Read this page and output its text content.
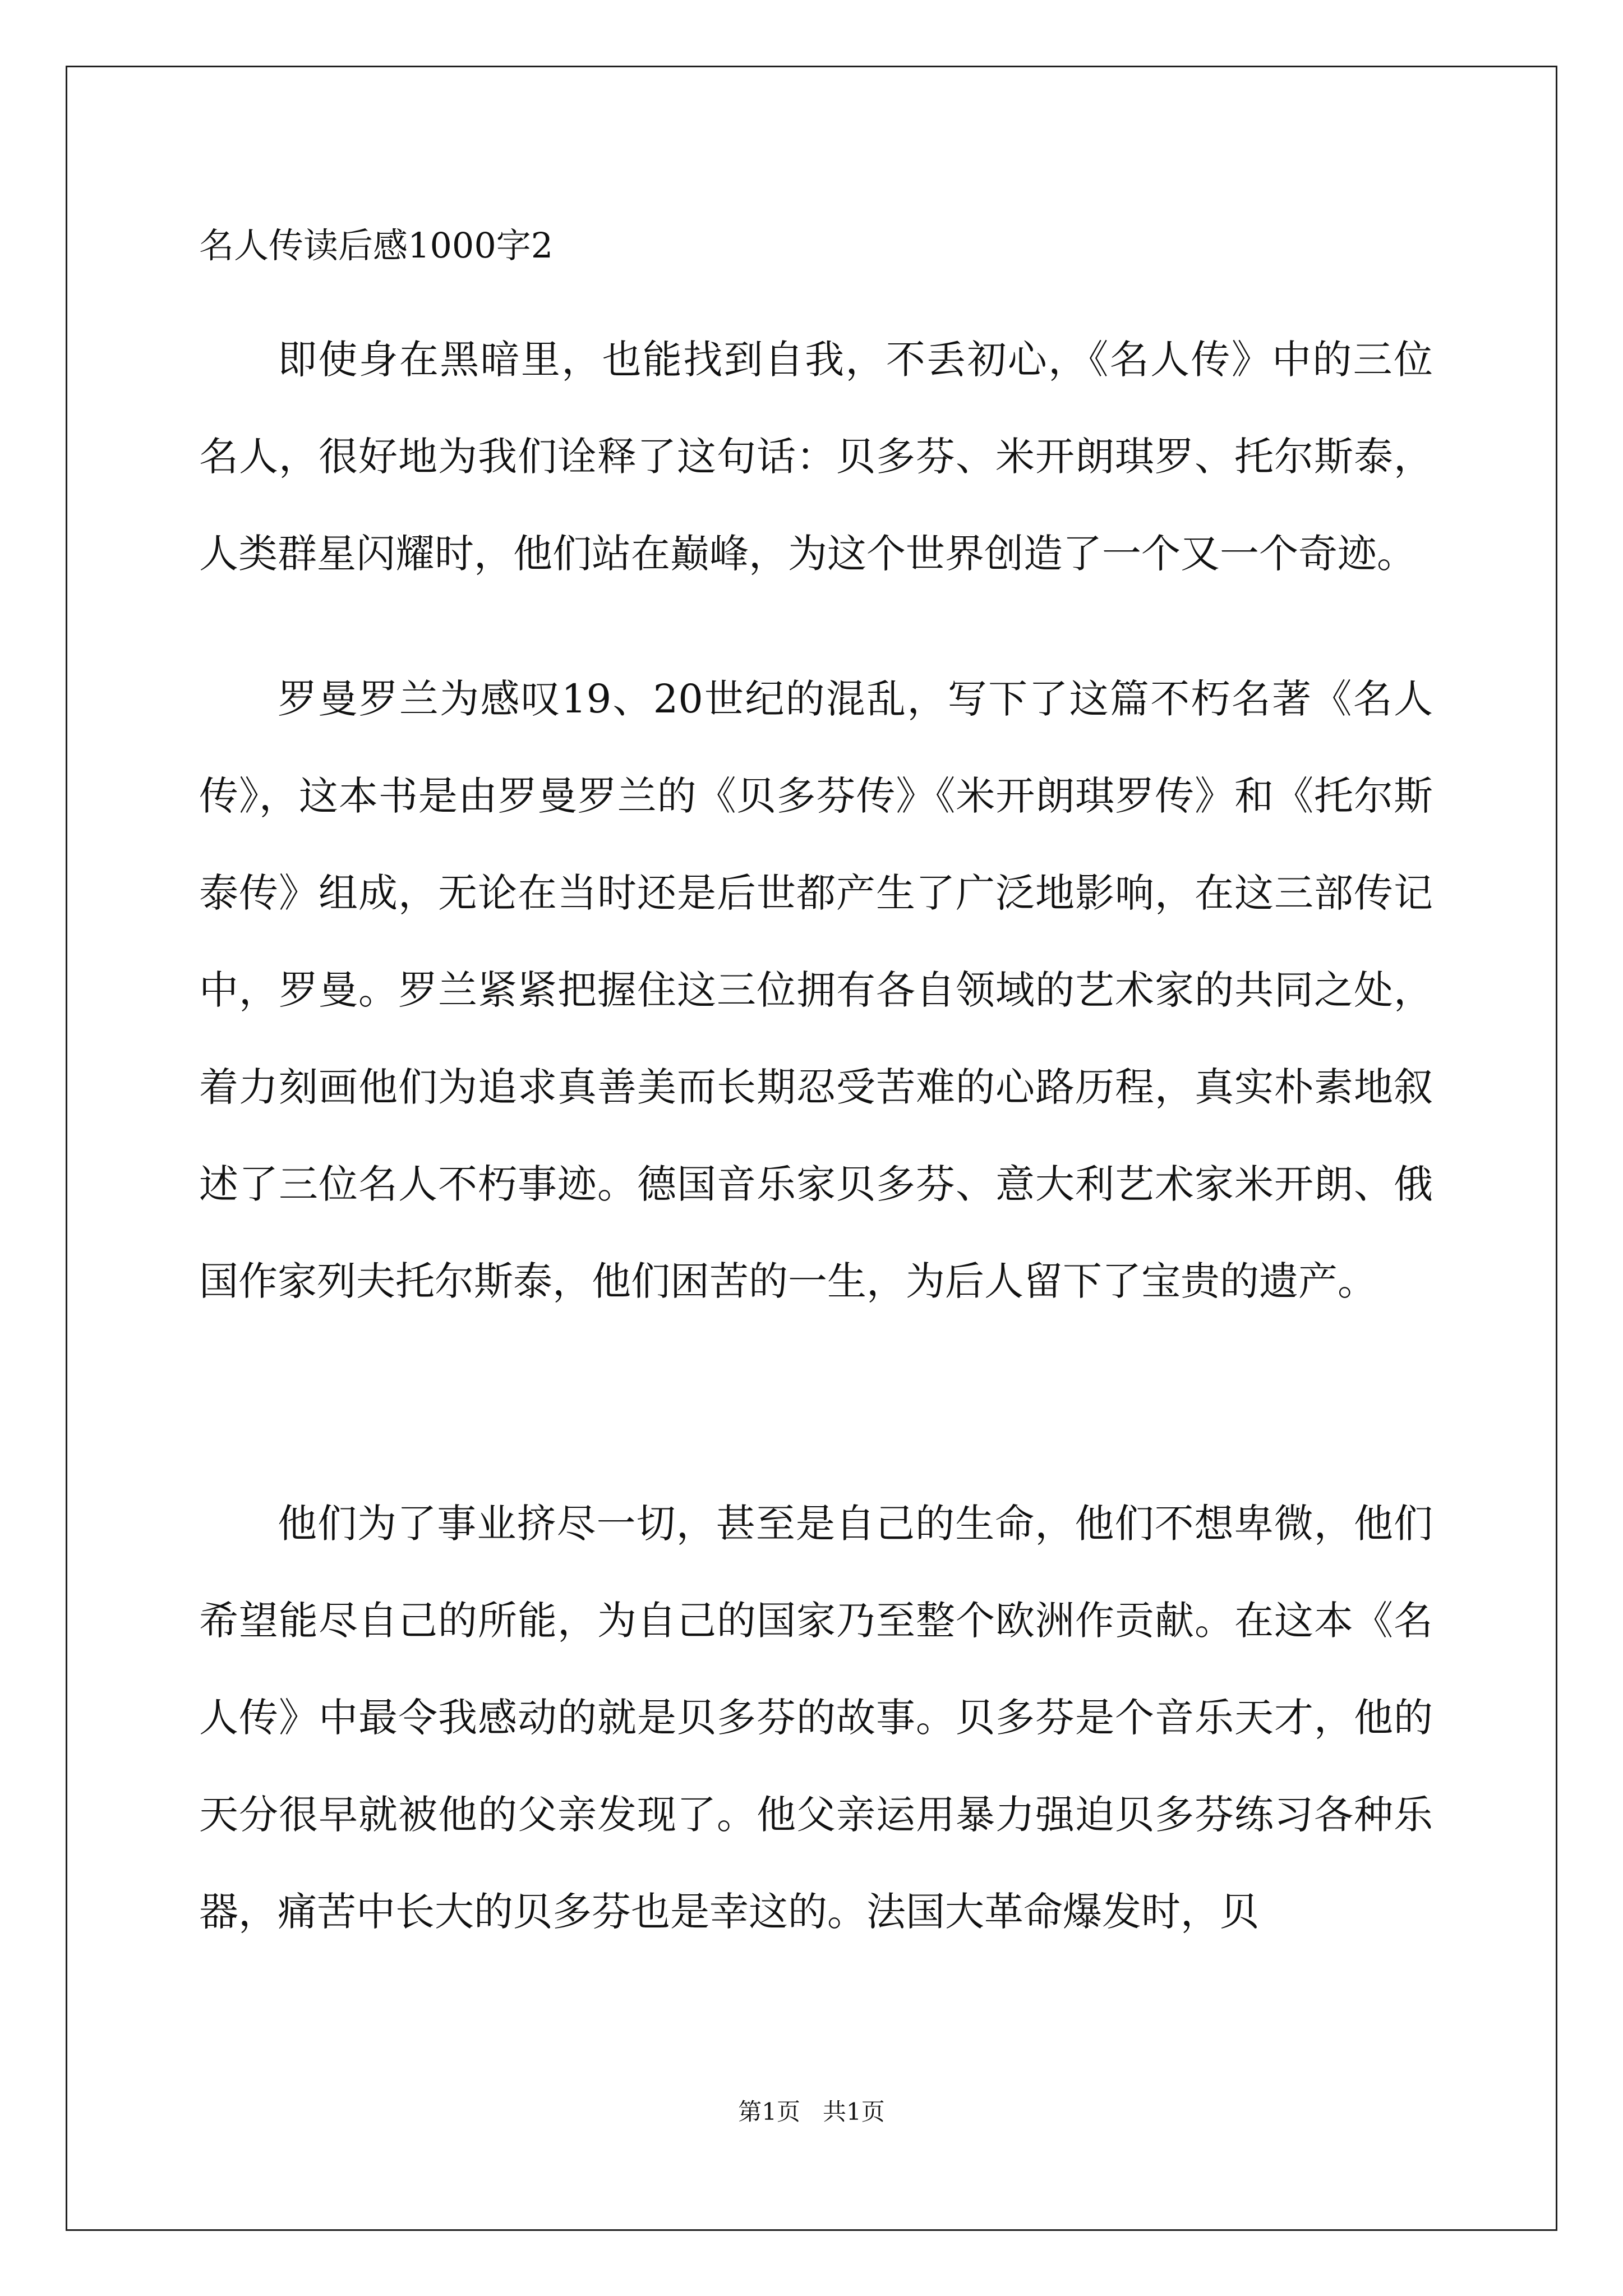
名人传读后感1000字2

即使身在黑暗里，也能找到自我，不丢初心，《名人传》中的三位名人，很好地为我们诠释了这句话：贝多芬、米开朗琪罗、托尔斯泰，人类群星闪耀时，他们站在巅峰，为这个世界创造了一个又一个奇迹。

罗曼罗兰为感叹19、20世纪的混乱，写下了这篇不朽名著《名人传》，这本书是由罗曼罗兰的《贝多芬传》《米开朗琪罗传》和《托尔斯泰传》组成，无论在当时还是后世都产生了广泛地影响，在这三部传记中，罗曼。罗兰紧紧把握住这三位拥有各自领域的艺术家的共同之处，着力刻画他们为追求真善美而长期忍受苦难的心路历程，真实朴素地叙述了三位名人不朽事迹。德国音乐家贝多芬、意大利艺术家米开朗、俄国作家列夫托尔斯泰，他们困苦的一生，为后人留下了宝贵的遗产。

他们为了事业挤尽一切，甚至是自己的生命，他们不想卑微，他们希望能尽自己的所能，为自己的国家乃至整个欧洲作贡献。在这本《名人传》中最令我感动的就是贝多芬的故事。贝多芬是个音乐天才，他的天分很早就被他的父亲发现了。他父亲运用暴力强迫贝多芬练习各种乐器，痛苦中长大的贝多芬也是幸这的。法国大革命爆发时，贝

第1页   共1页
